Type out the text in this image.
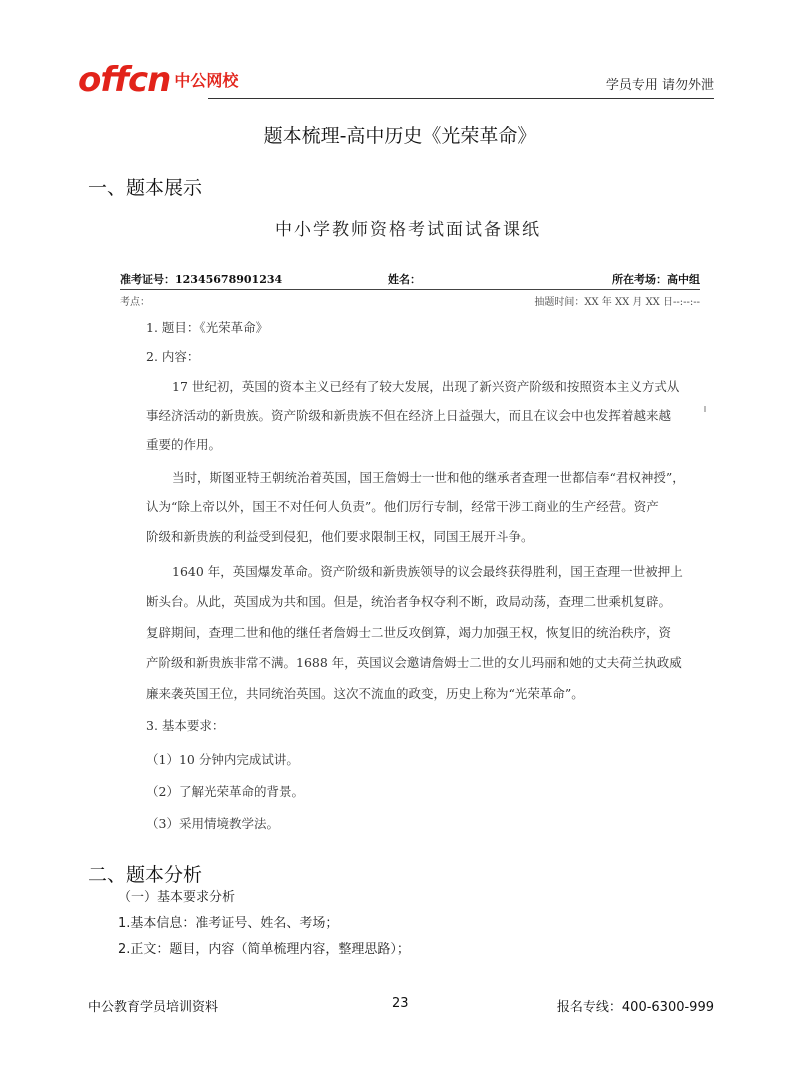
offcn 中公网校	学员专用 请勿外泄
题本梳理-高中历史《光荣革命》
一、题本展示
中小学教师资格考试面试备课纸
准考证号：12345678901234	姓名：	所在考场：高中组
考点：	抽题时间：XX 年 XX 月 XX 日--:--:--
1. 题目：《光荣革命》
2. 内容：
17 世纪初，英国的资本主义已经有了较大发展，出现了新兴资产阶级和按照资本主义方式从
事经济活动的新贵族。资产阶级和新贵族不但在经济上日益强大，而且在议会中也发挥着越来越
重要的作用。
当时，斯图亚特王朝统治着英国，国王詹姆士一世和他的继承者查理一世都信奉“君权神授”，
认为“除上帝以外，国王不对任何人负责”。他们厉行专制，经常干涉工商业的生产经营。资产
阶级和新贵族的利益受到侵犯，他们要求限制王权，同国王展开斗争。
1640 年，英国爆发革命。资产阶级和新贵族领导的议会最终获得胜利，国王查理一世被押上
断头台。从此，英国成为共和国。但是，统治者争权夺利不断，政局动荡，查理二世乘机复辟。
复辟期间，查理二世和他的继任者詹姆士二世反攻倒算，竭力加强王权，恢复旧的统治秩序，资
产阶级和新贵族非常不满。1688 年，英国议会邀请詹姆士二世的女儿玛丽和她的丈夫荷兰执政威
廉来袭英国王位，共同统治英国。这次不流血的政变，历史上称为“光荣革命”。
3. 基本要求：
（1）10 分钟内完成试讲。
（2）了解光荣革命的背景。
（3）采用情境教学法。
二、题本分析
（一）基本要求分析
1.基本信息：准考证号、姓名、考场；
2.正文：题目，内容（简单梳理内容，整理思路）；
中公教育学员培训资料	23	报名专线：400-6300-999
